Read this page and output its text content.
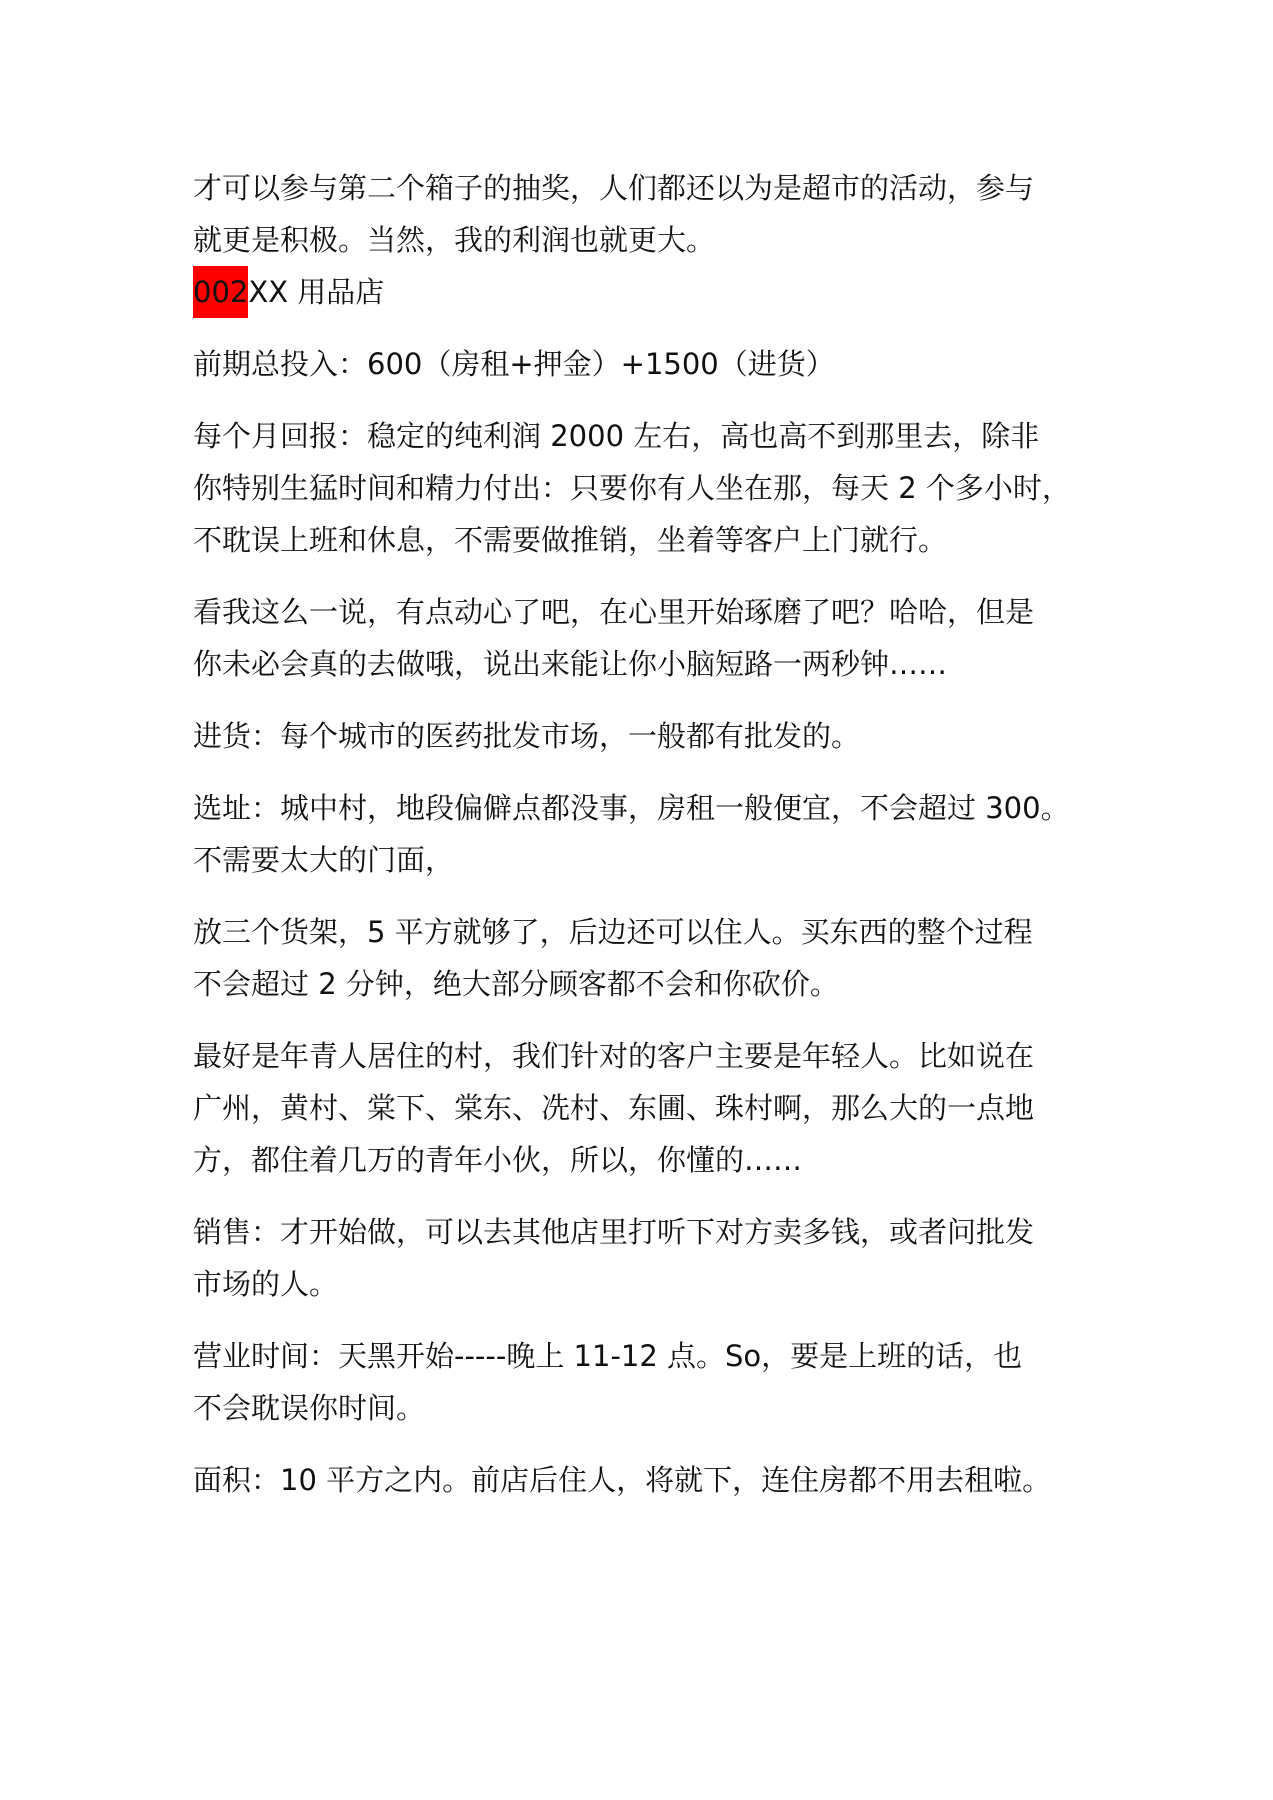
才可以参与第二个箱子的抽奖，人们都还以为是超市的活动，参与
就更是积极。当然，我的利润也就更大。
002 XX 用品店
前期总投入：600（房租+押金）+1500（进货）
每个月回报：稳定的纯利润 2000 左右，高也高不到那里去，除非
你特别生猛时间和精力付出：只要你有人坐在那，每天 2 个多小时，
不耽误上班和休息，不需要做推销，坐着等客户上门就行。
看我这么一说，有点动心了吧，在心里开始琢磨了吧？哈哈，但是
你未必会真的去做哦，说出来能让你小脑短路一两秒钟……
进货：每个城市的医药批发市场，一般都有批发的。
选址：城中村，地段偏僻点都没事，房租一般便宜，不会超过 300。
不需要太大的门面，
放三个货架，5 平方就够了，后边还可以住人。买东西的整个过程
不会超过 2 分钟，绝大部分顾客都不会和你砍价。
最好是年青人居住的村，我们针对的客户主要是年轻人。比如说在
广州，黄村、棠下、棠东、冼村、东圃、珠村啊，那么大的一点地
方，都住着几万的青年小伙，所以，你懂的……
销售：才开始做，可以去其他店里打听下对方卖多钱，或者问批发
市场的人。
营业时间：天黑开始-----晚上 11-12 点。So，要是上班的话，也
不会耽误你时间。
面积：10 平方之内。前店后住人，将就下，连住房都不用去租啦。
